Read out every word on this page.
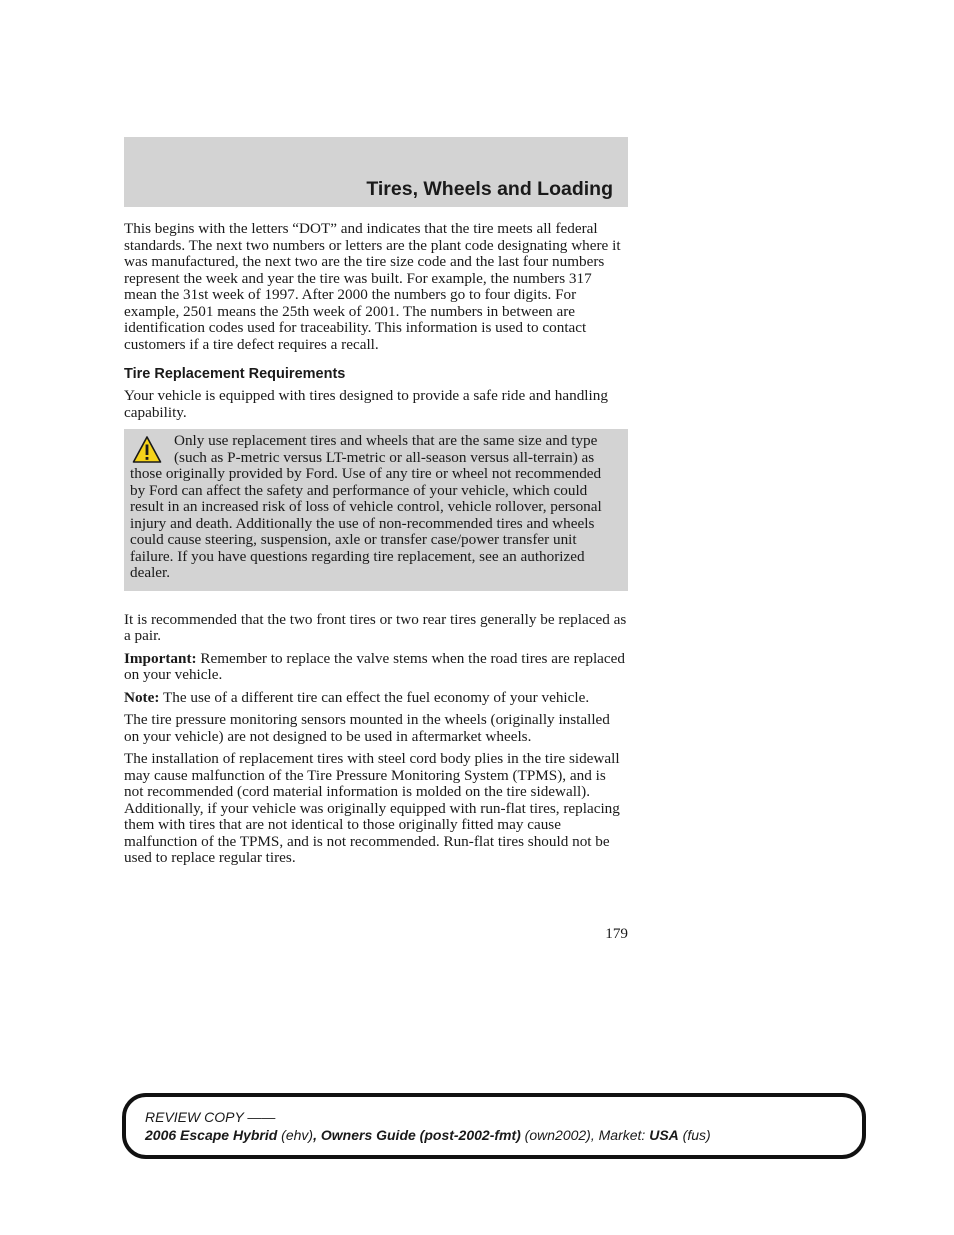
Tires, Wheels and Loading

This begins with the letters “DOT” and indicates that the tire meets all federal standards. The next two numbers or letters are the plant code designating where it was manufactured, the next two are the tire size code and the last four numbers represent the week and year the tire was built. For example, the numbers 317 mean the 31st week of 1997. After 2000 the numbers go to four digits. For example, 2501 means the 25th week of 2001. The numbers in between are identification codes used for traceability. This information is used to contact customers if a tire defect requires a recall.

Tire Replacement Requirements

Your vehicle is equipped with tires designed to provide a safe ride and handling capability.

Only use replacement tires and wheels that are the same size and type (such as P-metric versus LT-metric or all-season versus all-terrain) as those originally provided by Ford. Use of any tire or wheel not recommended by Ford can affect the safety and performance of your vehicle, which could result in an increased risk of loss of vehicle control, vehicle rollover, personal injury and death. Additionally the use of non-recommended tires and wheels could cause steering, suspension, axle or transfer case/power transfer unit failure. If you have questions regarding tire replacement, see an authorized dealer.

It is recommended that the two front tires or two rear tires generally be replaced as a pair.

Important: Remember to replace the valve stems when the road tires are replaced on your vehicle.

Note: The use of a different tire can effect the fuel economy of your vehicle.

The tire pressure monitoring sensors mounted in the wheels (originally installed on your vehicle) are not designed to be used in aftermarket wheels.

The installation of replacement tires with steel cord body plies in the tire sidewall may cause malfunction of the Tire Pressure Monitoring System (TPMS), and is not recommended (cord material information is molded on the tire sidewall). Additionally, if your vehicle was originally equipped with run-flat tires, replacing them with tires that are not identical to those originally fitted may cause malfunction of the TPMS, and is not recommended. Run-flat tires should not be used to replace regular tires.

179
REVIEW COPY ——
2006 Escape Hybrid (ehv), Owners Guide (post-2002-fmt) (own2002), Market: USA (fus)
